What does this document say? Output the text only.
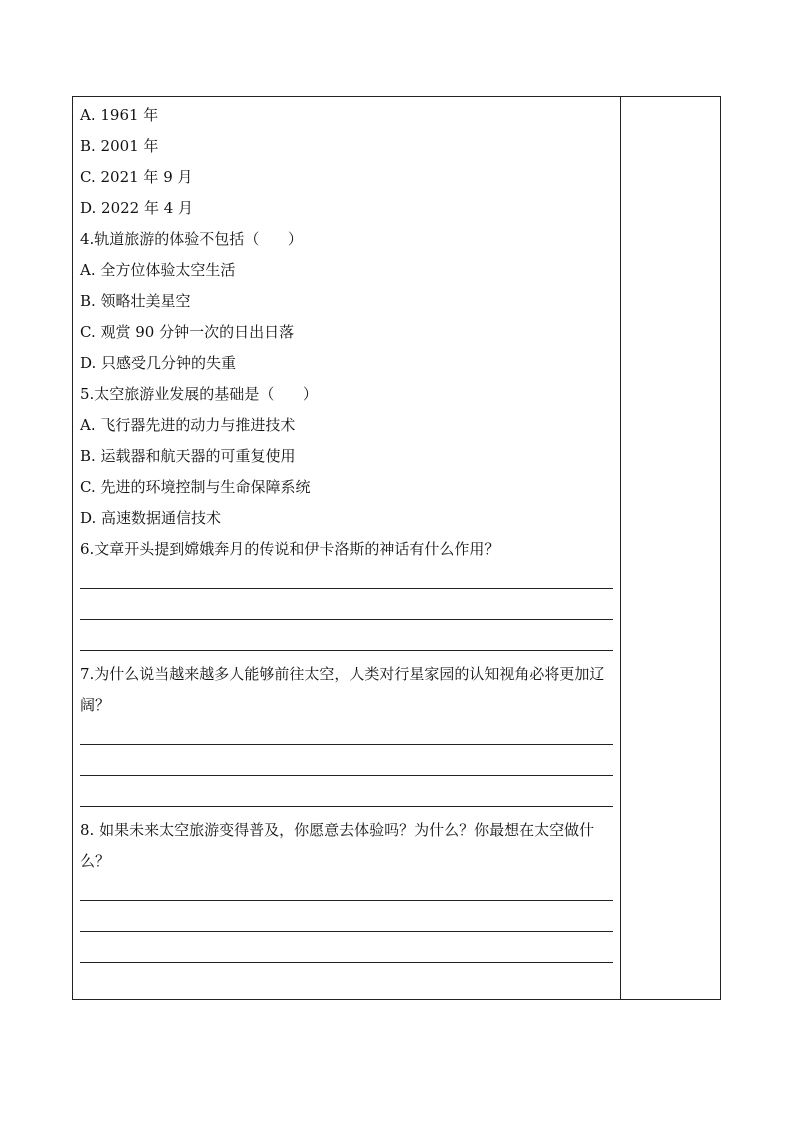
A. 1961 年
B. 2001 年
C. 2021 年 9 月
D. 2022 年 4 月
4.轨道旅游的体验不包括（      ）
A. 全方位体验太空生活
B. 领略壮美星空
C. 观赏 90 分钟一次的日出日落
D. 只感受几分钟的失重
5.太空旅游业发展的基础是（      ）
A. 飞行器先进的动力与推进技术
B. 运载器和航天器的可重复使用
C. 先进的环境控制与生命保障系统
D. 高速数据通信技术
6.文章开头提到嫦娥奔月的传说和伊卡洛斯的神话有什么作用？
7.为什么说当越来越多人能够前往太空，人类对行星家园的认知视角必将更加辽阔？
8. 如果未来太空旅游变得普及，你愿意去体验吗？为什么？你最想在太空做什么？
